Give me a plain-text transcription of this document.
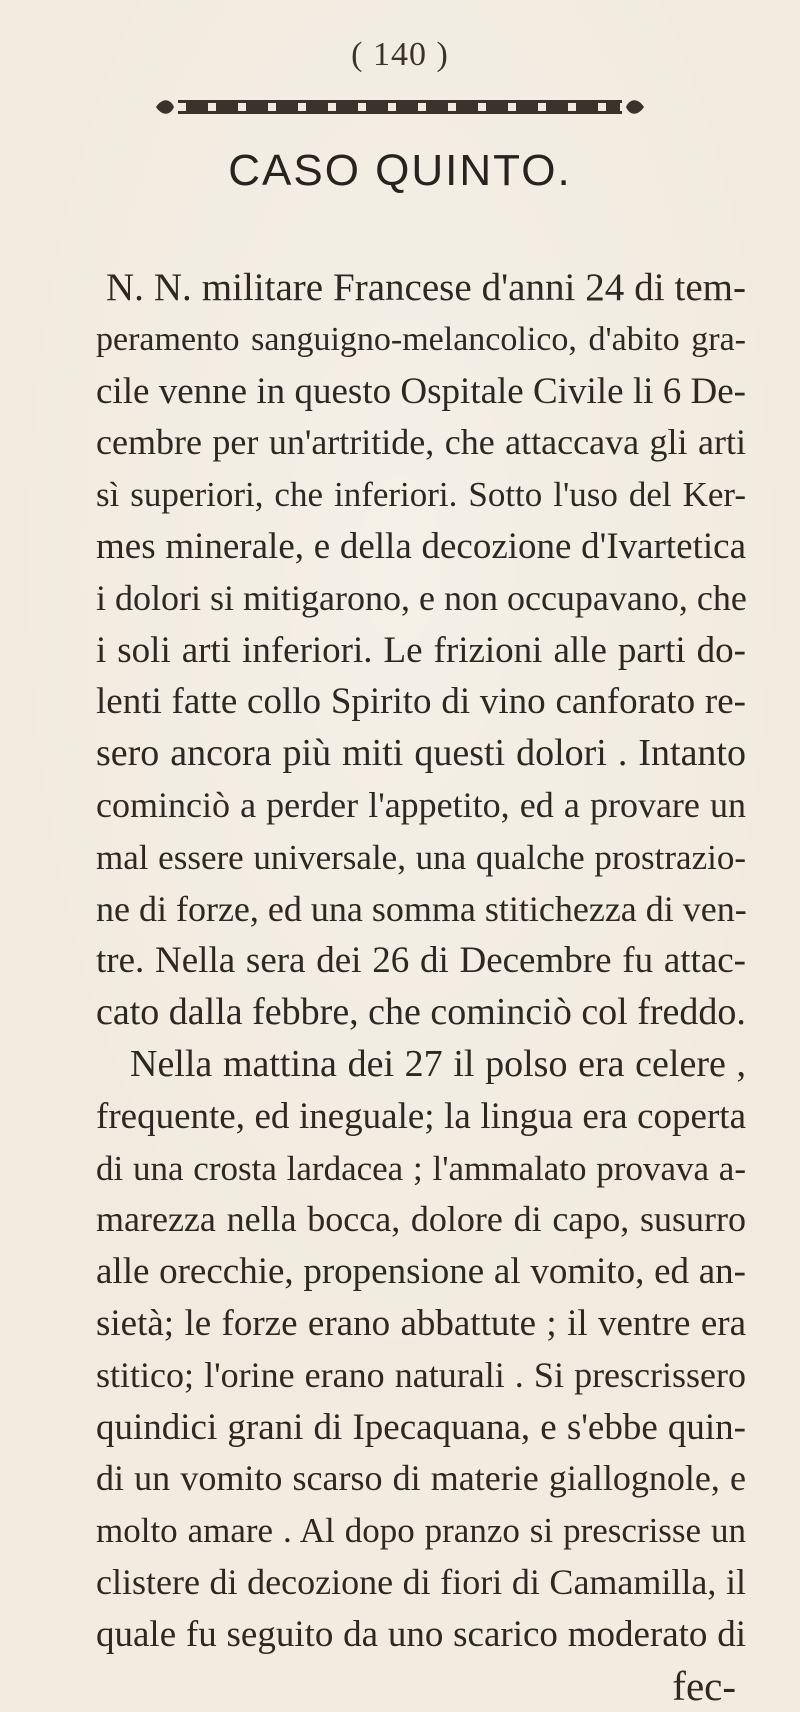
( 140 )
CASO QUINTO.
N. N. militare Francese d'anni 24 di tem-
peramento sanguigno-melancolico, d'abito gra-
cile venne in questo Ospitale Civile li 6 De-
cembre per un'artritide, che attaccava gli arti
sì superiori, che inferiori. Sotto l'uso del Ker-
mes minerale, e della decozione d'Ivartetica
i dolori si mitigarono, e non occupavano, che
i soli arti inferiori. Le frizioni alle parti do-
lenti fatte collo Spirito di vino canforato re-
sero ancora più miti questi dolori . Intanto
cominciò a perder l'appetito, ed a provare un
mal essere universale, una qualche prostrazio-
ne di forze, ed una somma stitichezza di ven-
tre. Nella sera dei 26 di Decembre fu attac-
cato dalla febbre, che cominciò col freddo.
Nella mattina dei 27 il polso era celere ,
frequente, ed ineguale; la lingua era coperta
di una crosta lardacea ; l'ammalato provava a-
marezza nella bocca, dolore di capo, susurro
alle orecchie, propensione al vomito, ed an-
sietà; le forze erano abbattute ; il ventre era
stitico; l'orine erano naturali . Si prescrissero
quindici grani di Ipecaquana, e s'ebbe quin-
di un vomito scarso di materie giallognole, e
molto amare . Al dopo pranzo si prescrisse un
clistere di decozione di fiori di Camamilla, il
quale fu seguito da uno scarico moderato di
fec-
